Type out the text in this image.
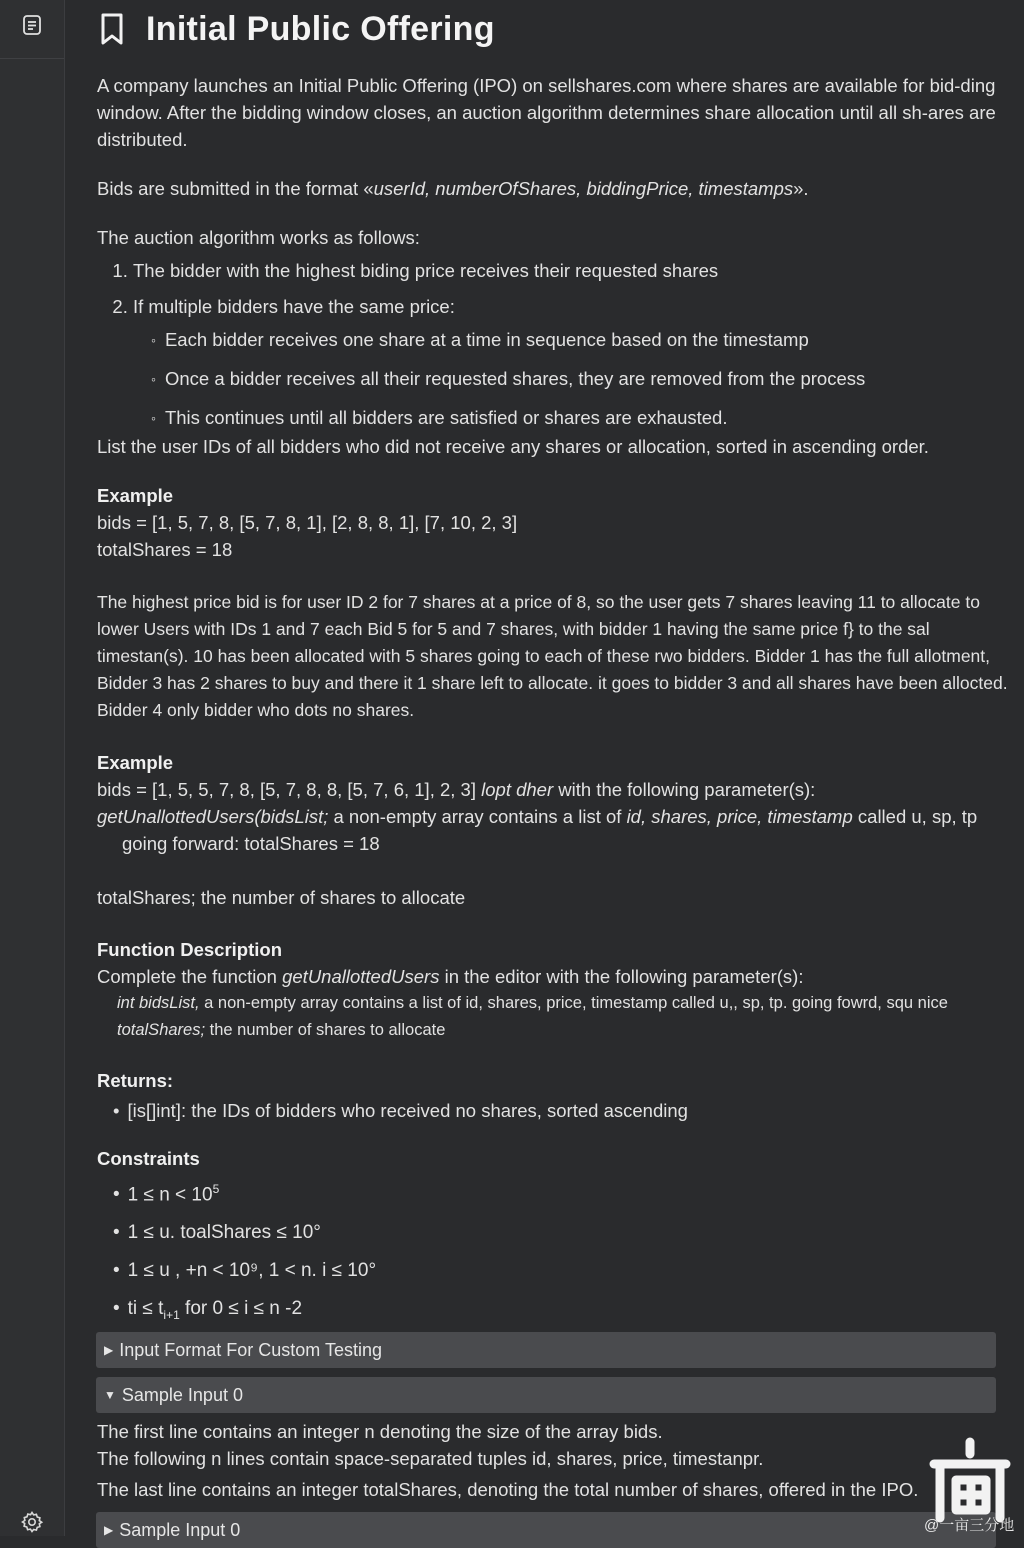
Initial Public Offering
A company launches an Initial Public Offering (IPO) on sellshares.com where shares are available for bid-ding window. After the bidding window closes, an auction algorithm determines share allocation until all sh-ares are distributed.
Bids are submitted in the format «userId, numberOfShares, biddingPrice, timestamps».
The auction algorithm works as follows:
1. The bidder with the highest biding price receives their requested shares
2. If multiple bidders have the same price:
◦ Each bidder receives one share at a time in sequence based on the timestamp
◦ Once a bidder receives all their requested shares, they are removed from the process
◦ This continues until all bidders are satisfied or shares are exhausted.
List the user IDs of all bidders who did not receive any shares or allocation, sorted in ascending order.
Example
bids = [1, 5, 7, 8, [5, 7, 8, 1], [2, 8, 8, 1], [7, 10, 2, 3]
totalShares = 18
The highest price bid is for user ID 2 for 7 shares at a price of 8, so the user gets 7 shares leaving 11 to allocate to lower Users with IDs 1 and 7 each Bid 5 for 5 and 7 shares, with bidder 1 having the same price f} to the sal timestan(s). 10 has been allocated with 5 shares going to each of these rwo bidders. Bidder 1 has the full allotment, Bidder 3 has 2 shares to buy and there it 1 share left to allocate. it goes to bidder 3 and all shares have been allocted. Bidder 4 only bidder who dots no shares.
Example
bids = [1, 5, 5, 7, 8, [5, 7, 8, 8, [5, 7, 6, 1], 2, 3] lopt dher with the following parameter(s):
getUnallottedUsers(bidsList; a non-empty array contains a list of id, shares, price, timestamp called u, sp, tp
going forward: totalShares = 18
totalShares; the number of shares to allocate
Function Description
Complete the function getUnallottedUsers in the editor with the following parameter(s):
int bidsList, a non-empty array contains a list of id, shares, price, timestamp called u,, sp, tp. going fowrd, squ nice
totalShares; the number of shares to allocate
Returns:
• [is[]int]: the IDs of bidders who received no shares, sorted ascending
Constraints
• $1 \le n < 10^5$
• 1 ≤ u. toalShares ≤ 10°
• 1 ≤ u , +n < 10⁹, 1 < n. i ≤ 10°
• ti ≤ $t_{i+1}$ for 0 ≤ i ≤ n -2
▶ Input Format For Custom Testing
▼ Sample Input 0
The first line contains an integer n denoting the size of the array bids.
The following n lines contain space-separated tuples id, shares, price, timestanpr.
The last line contains an integer totalShares, denoting the total number of shares, offered in the IPO.
▶ Sample Input 0	@一亩三分地
